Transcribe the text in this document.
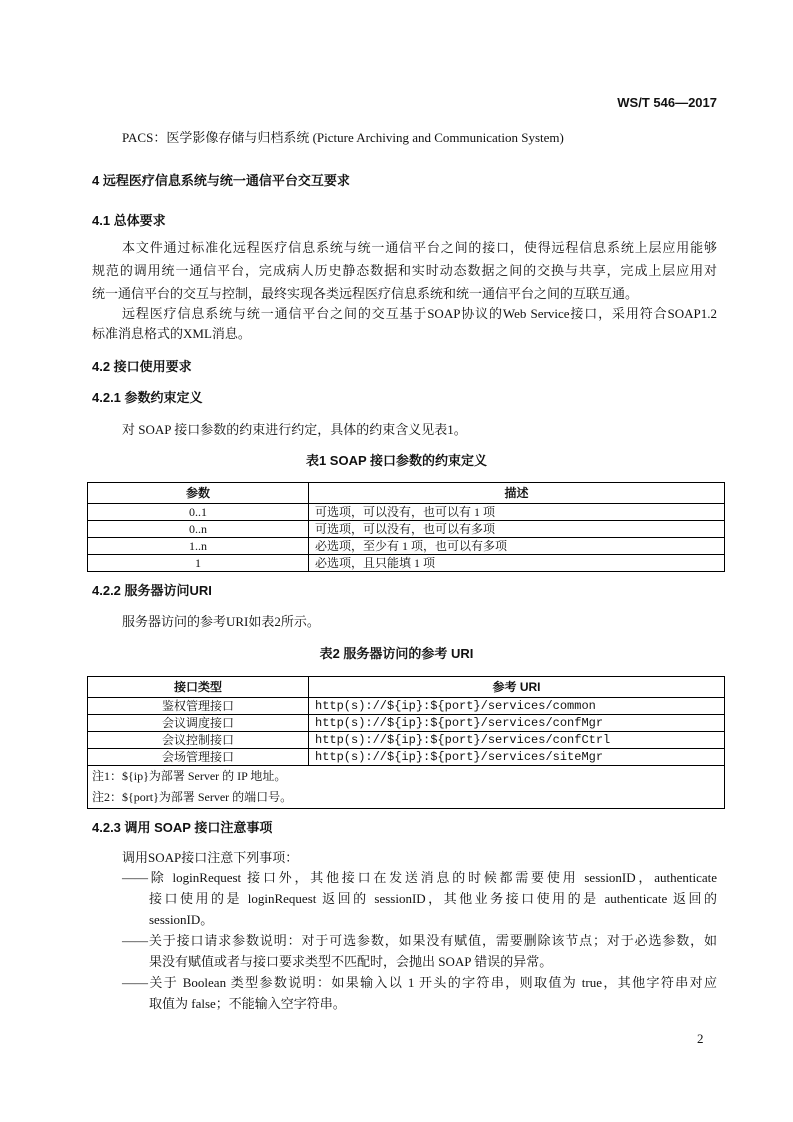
WS/T 546—2017
PACS：医学影像存储与归档系统 (Picture Archiving and Communication System)
4 远程医疗信息系统与统一通信平台交互要求
4.1 总体要求
本文件通过标准化远程医疗信息系统与统一通信平台之间的接口，使得远程信息系统上层应用能够
规范的调用统一通信平台，完成病人历史静态数据和实时动态数据之间的交换与共享，完成上层应用对
统一通信平台的交互与控制，最终实现各类远程医疗信息系统和统一通信平台之间的互联互通。
远程医疗信息系统与统一通信平台之间的交互基于SOAP协议的Web Service接口，采用符合SOAP1.2
标准消息格式的XML消息。
4.2 接口使用要求
4.2.1 参数约束定义
对 SOAP 接口参数的约束进行约定，具体的约束含义见表1。
表1 SOAP 接口参数的约束定义
参数	描述
0..1	可选项，可以没有，也可以有 1 项
0..n	可选项，可以没有，也可以有多项
1..n	必选项，至少有 1 项，也可以有多项
1	必选项，且只能填 1 项
4.2.2 服务器访问URI
服务器访问的参考URI如表2所示。
表2 服务器访问的参考 URI
接口类型	参考 URI
鉴权管理接口	http(s)://${ip}:${port}/services/common
会议调度接口	http(s)://${ip}:${port}/services/confMgr
会议控制接口	http(s)://${ip}:${port}/services/confCtrl
会场管理接口	http(s)://${ip}:${port}/services/siteMgr
注1：${ip}为部署 Server 的 IP 地址。	
注2：${port}为部署 Server 的端口号。	
4.2.3 调用 SOAP 接口注意事项
调用SOAP接口注意下列事项：
——除 loginRequest 接口外，其他接口在发送消息的时候都需要使用 sessionID，authenticate
接口使用的是 loginRequest 返回的 sessionID，其他业务接口使用的是 authenticate 返回的
sessionID。
——关于接口请求参数说明：对于可选参数，如果没有赋值，需要删除该节点；对于必选参数，如
果没有赋值或者与接口要求类型不匹配时，会抛出 SOAP 错误的异常。
——关于 Boolean 类型参数说明：如果输入以 1 开头的字符串，则取值为 true，其他字符串对应
取值为 false；不能输入空字符串。
2
